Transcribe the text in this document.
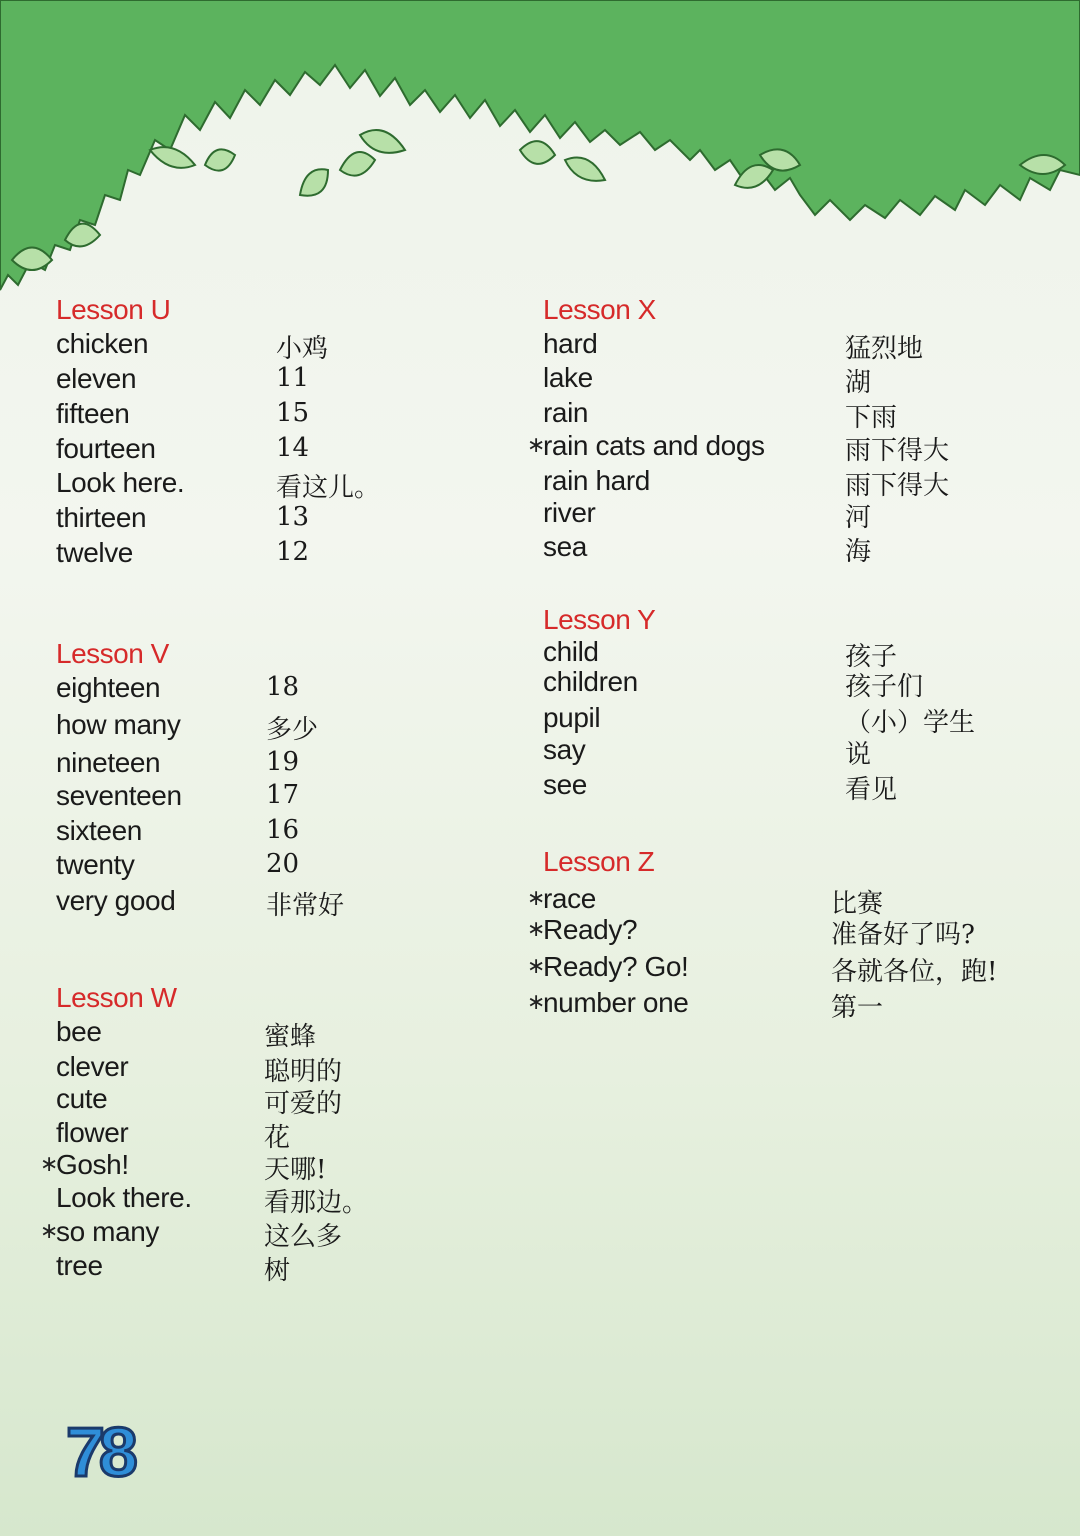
Lesson U
chicken	小鸡
eleven	11
fifteen	15
fourteen	14
Look here.	看这儿。
thirteen	13
twelve	12
Lesson V
eighteen	18
how many	多少
nineteen	19
seventeen	17
sixteen	16
twenty	20
very good	非常好
Lesson W
bee	蜜蜂
clever	聪明的
cute	可爱的
flower	花
∗
Gosh!	天哪!
Look there.	看那边。
∗
so many	这么多
tree	树
Lesson X
hard	猛烈地
lake	湖
rain	下雨
∗
rain cats and dogs	雨下得大
rain hard	雨下得大
river	河
sea	海
Lesson Y
child	孩子
children	孩子们
pupil	（小）学生
say	说
see	看见
Lesson Z
∗
race	比赛
∗
Ready?	准备好了吗?
∗
Ready? Go!	各就各位，跑!
∗
number one	第一
78
